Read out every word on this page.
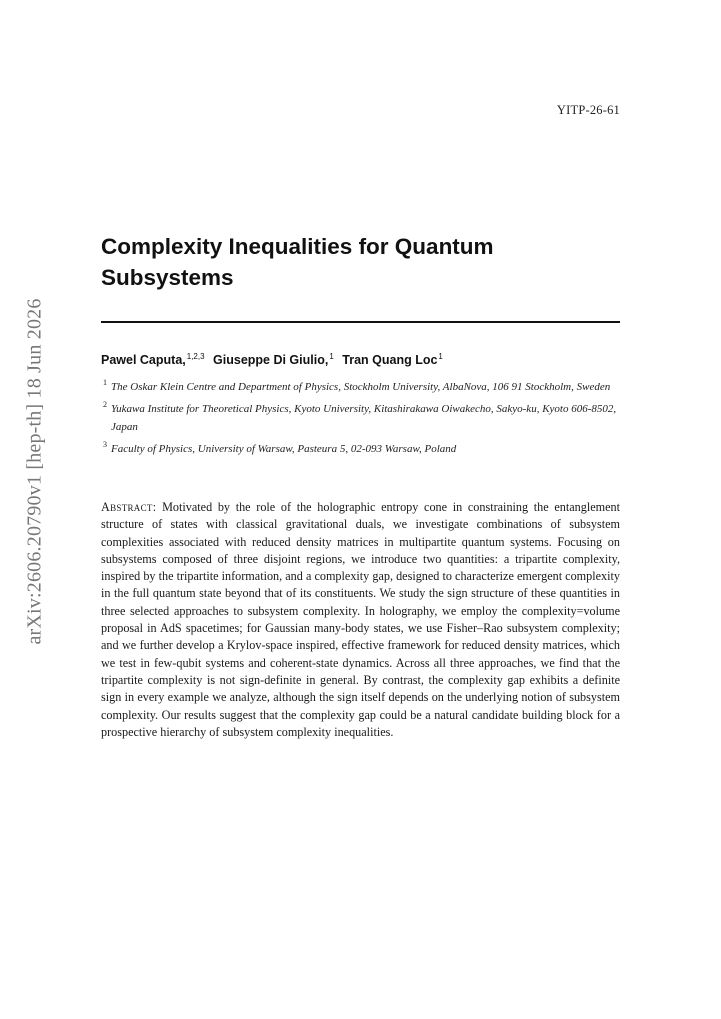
YITP-26-61
arXiv:2606.20790v1 [hep-th] 18 Jun 2026
Complexity Inequalities for Quantum
Subsystems
Pawel Caputa,$^{1,2,3}$ Giuseppe Di Giulio,$^1$ Tran Quang Loc$^1$
1 The Oskar Klein Centre and Department of Physics, Stockholm University, AlbaNova, 106 91 Stockholm, Sweden
2 Yukawa Institute for Theoretical Physics, Kyoto University, Kitashirakawa Oiwakecho, Sakyo-ku, Kyoto 606-8502, Japan
3 Faculty of Physics, University of Warsaw, Pasteura 5, 02-093 Warsaw, Poland
Abstract: Motivated by the role of the holographic entropy cone in constraining the entanglement structure of states with classical gravitational duals, we investigate combinations of subsystem complexities associated with reduced density matrices in multipartite quantum systems. Focusing on subsystems composed of three disjoint regions, we introduce two quantities: a tripartite complexity, inspired by the tripartite information, and a complexity gap, designed to characterize emergent complexity in the full quantum state beyond that of its constituents. We study the sign structure of these quantities in three selected approaches to subsystem complexity. In holography, we employ the complexity=volume proposal in AdS spacetimes; for Gaussian many-body states, we use Fisher–Rao subsystem complexity; and we further develop a Krylov-space inspired, effective framework for reduced density matrices, which we test in few-qubit systems and coherent-state dynamics. Across all three approaches, we find that the tripartite complexity is not sign-definite in general. By contrast, the complexity gap exhibits a definite sign in every example we analyze, although the sign itself depends on the underlying notion of subsystem complexity. Our results suggest that the complexity gap could be a natural candidate building block for a prospective hierarchy of subsystem complexity inequalities.
